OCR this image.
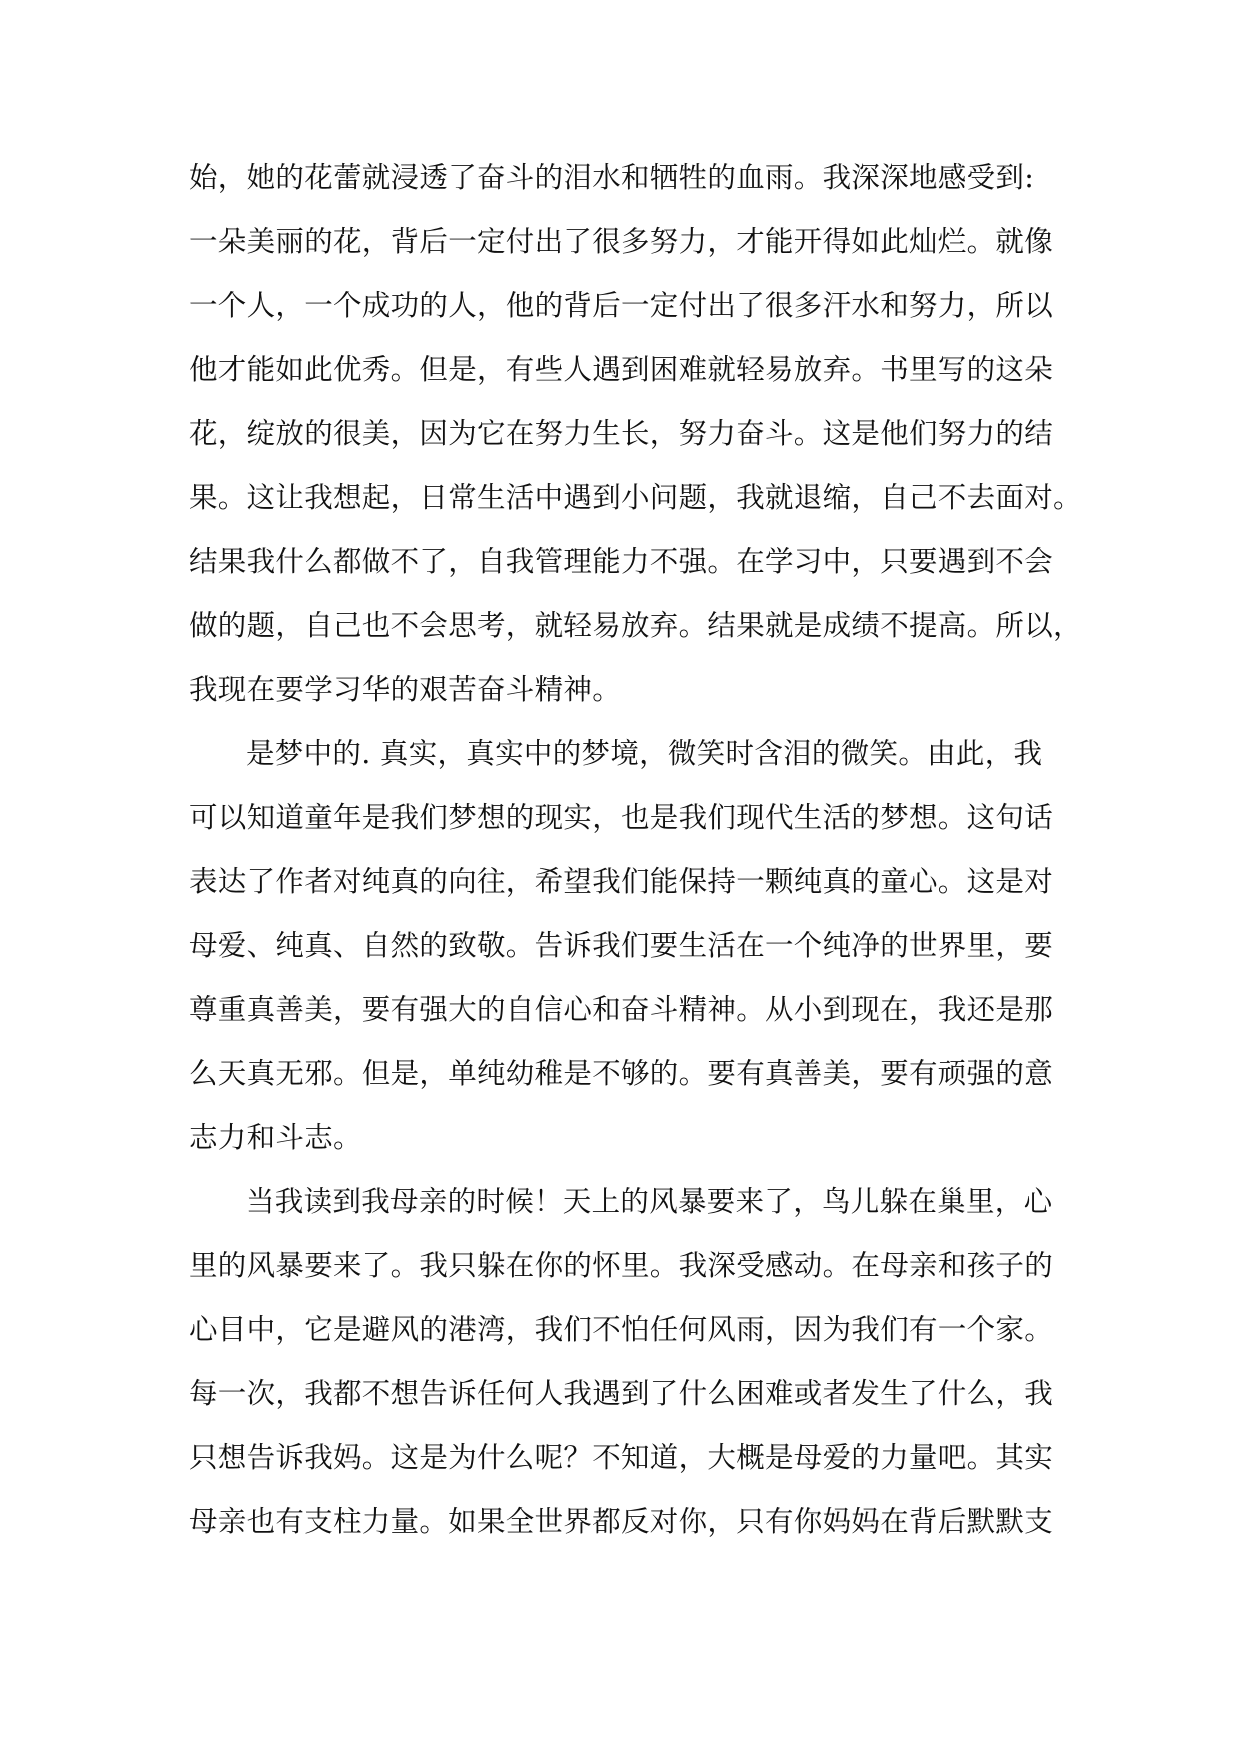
始，她的花蕾就浸透了奋斗的泪水和牺牲的血雨。我深深地感受到:
一朵美丽的花，背后一定付出了很多努力，才能开得如此灿烂。就像
一个人，一个成功的人，他的背后一定付出了很多汗水和努力，所以
他才能如此优秀。但是，有些人遇到困难就轻易放弃。书里写的这朵
花，绽放的很美，因为它在努力生长，努力奋斗。这是他们努力的结
果。这让我想起，日常生活中遇到小问题，我就退缩，自己不去面对。
结果我什么都做不了，自我管理能力不强。在学习中，只要遇到不会
做的题，自己也不会思考，就轻易放弃。结果就是成绩不提高。所以，
我现在要学习华的艰苦奋斗精神。
是梦中的. 真实，真实中的梦境，微笑时含泪的微笑。由此，我
可以知道童年是我们梦想的现实，也是我们现代生活的梦想。这句话
表达了作者对纯真的向往，希望我们能保持一颗纯真的童心。这是对
母爱、纯真、自然的致敬。告诉我们要生活在一个纯净的世界里，要
尊重真善美，要有强大的自信心和奋斗精神。从小到现在，我还是那
么天真无邪。但是，单纯幼稚是不够的。要有真善美，要有顽强的意
志力和斗志。
当我读到我母亲的时候！天上的风暴要来了，鸟儿躲在巢里，心
里的风暴要来了。我只躲在你的怀里。我深受感动。在母亲和孩子的
心目中，它是避风的港湾，我们不怕任何风雨，因为我们有一个家。
每一次，我都不想告诉任何人我遇到了什么困难或者发生了什么，我
只想告诉我妈。这是为什么呢？不知道，大概是母爱的力量吧。其实
母亲也有支柱力量。如果全世界都反对你，只有你妈妈在背后默默支
